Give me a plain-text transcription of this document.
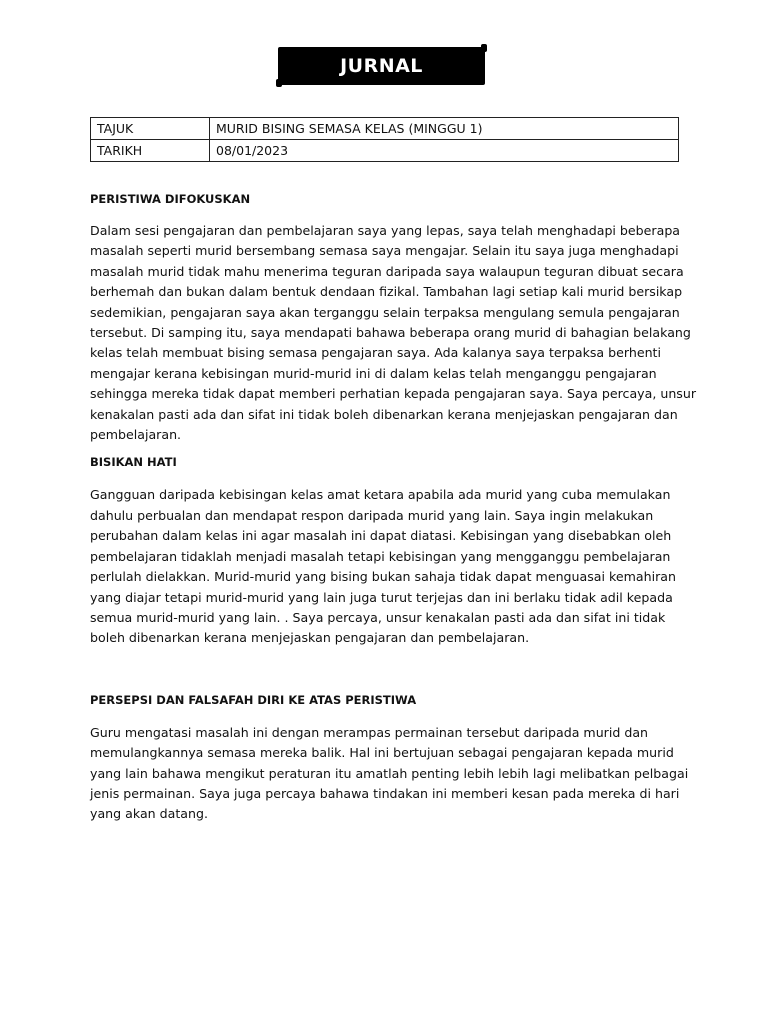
JURNAL
TAJUK	MURID BISING SEMASA KELAS (MINGGU 1)
TARIKH	08/01/2023

PERISTIWA DIFOKUSKAN

Dalam sesi pengajaran dan pembelajaran saya yang lepas, saya telah menghadapi beberapa masalah seperti murid bersembang semasa saya mengajar. Selain itu saya juga menghadapi masalah murid tidak mahu menerima teguran daripada saya walaupun teguran dibuat secara berhemah dan bukan dalam bentuk dendaan fizikal. Tambahan lagi setiap kali murid bersikap sedemikian, pengajaran saya akan terganggu selain terpaksa mengulang semula pengajaran tersebut. Di samping itu, saya mendapati bahawa beberapa orang murid di bahagian belakang kelas telah membuat bising semasa pengajaran saya. Ada kalanya saya terpaksa berhenti mengajar kerana kebisingan murid-murid ini di dalam kelas telah menganggu pengajaran sehingga mereka tidak dapat memberi perhatian kepada pengajaran saya. Saya percaya, unsur kenakalan pasti ada dan sifat ini tidak boleh dibenarkan kerana menjejaskan pengajaran dan pembelajaran.

BISIKAN HATI

Gangguan daripada kebisingan kelas amat ketara apabila ada murid yang cuba memulakan dahulu perbualan dan mendapat respon daripada murid yang lain. Saya ingin melakukan perubahan dalam kelas ini agar masalah ini dapat diatasi. Kebisingan yang disebabkan oleh pembelajaran tidaklah menjadi masalah tetapi kebisingan yang mengganggu pembelajaran perlulah dielakkan. Murid-murid yang bising bukan sahaja tidak dapat menguasai kemahiran yang diajar tetapi murid-murid yang lain juga turut terjejas dan ini berlaku tidak adil kepada semua murid-murid yang lain. . Saya percaya, unsur kenakalan pasti ada dan sifat ini tidak boleh dibenarkan kerana menjejaskan pengajaran dan pembelajaran.

PERSEPSI DAN FALSAFAH DIRI KE ATAS PERISTIWA

Guru mengatasi masalah ini dengan merampas permainan tersebut daripada murid dan memulangkannya semasa mereka balik. Hal ini bertujuan sebagai pengajaran kepada murid yang lain bahawa mengikut peraturan itu amatlah penting lebih lebih lagi melibatkan pelbagai jenis permainan. Saya juga percaya bahawa tindakan ini memberi kesan pada mereka di hari yang akan datang.
